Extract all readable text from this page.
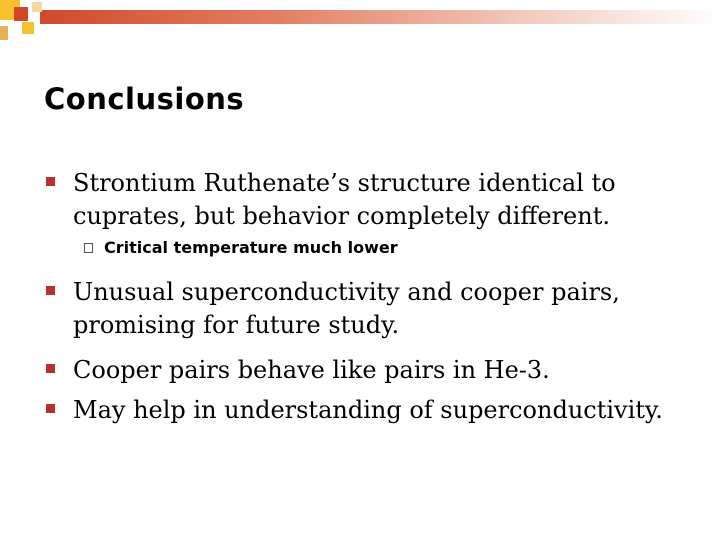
Conclusions
Strontium Ruthenate’s structure identical to cuprates, but behavior completely different.
Critical temperature much lower
Unusual superconductivity and cooper pairs, promising for future study.
Cooper pairs behave like pairs in He-3.
May help in understanding of superconductivity.
